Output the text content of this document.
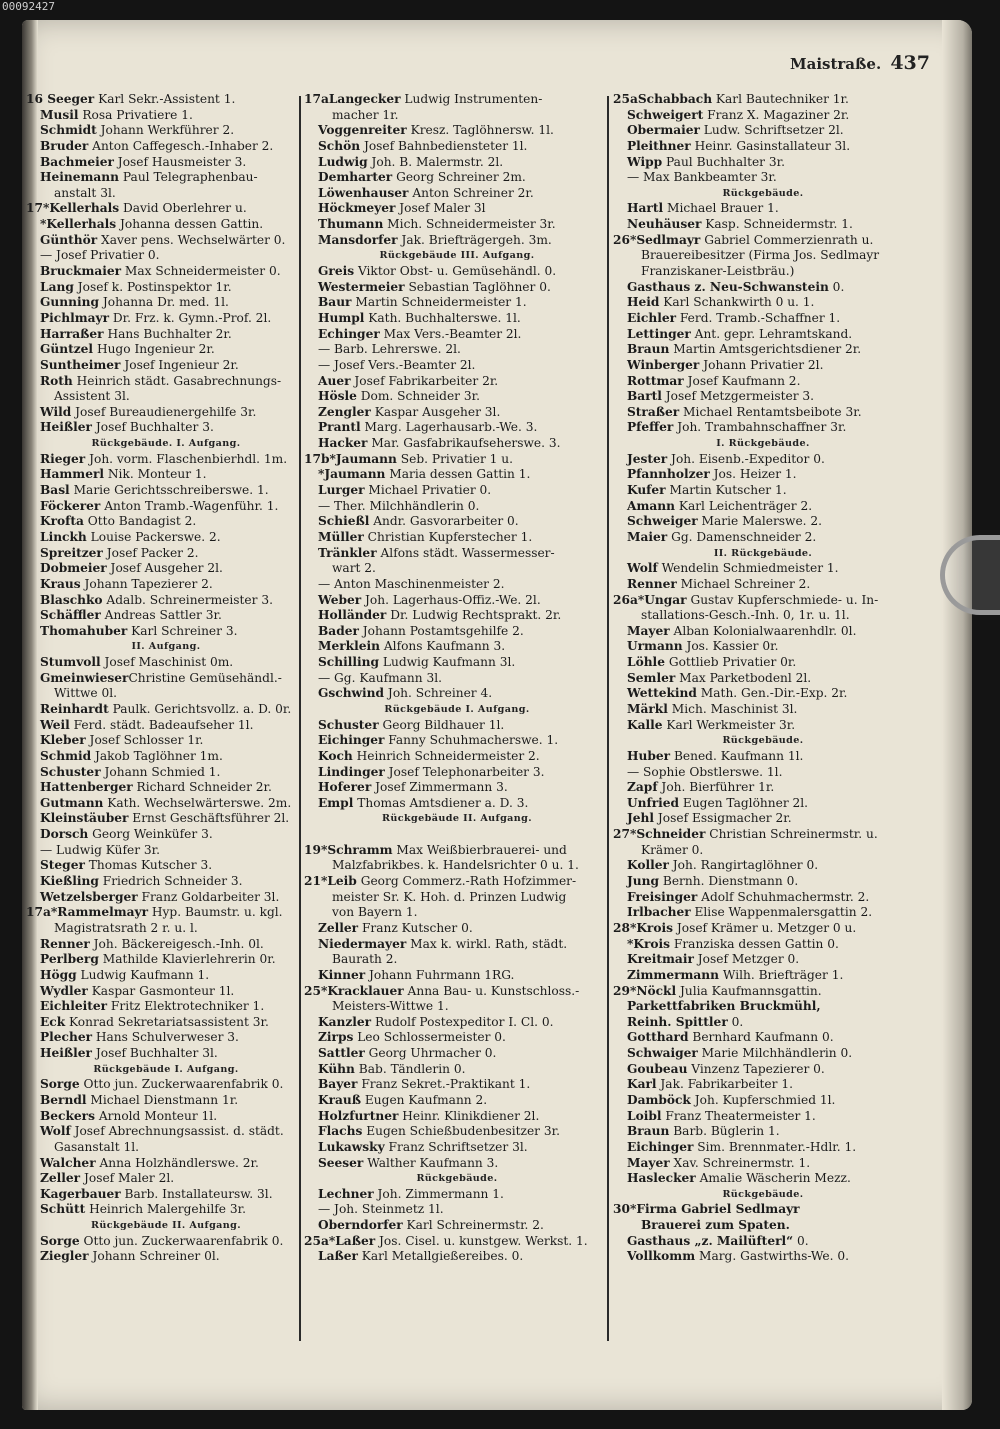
00092427
Maistraße. 437
16 Seeger Karl Sekr.-Assistent 1.
Musil Rosa Privatiere 1.
Schmidt Johann Werkführer 2.
Bruder Anton Caffegesch.-Inhaber 2.
Bachmeier Josef Hausmeister 3.
Heinemann Paul Telegraphenbau-
anstalt 3l.
17*Kellerhals David Oberlehrer u.
*Kellerhals Johanna dessen Gattin.
Günthör Xaver pens. Wechselwärter 0.
— Josef Privatier 0.
Bruckmaier Max Schneidermeister 0.
Lang Josef k. Postinspektor 1r.
Gunning Johanna Dr. med. 1l.
Pichlmayr Dr. Frz. k. Gymn.-Prof. 2l.
Harraßer Hans Buchhalter 2r.
Güntzel Hugo Ingenieur 2r.
Suntheimer Josef Ingenieur 2r.
Roth Heinrich städt. Gasabrechnungs-
Assistent 3l.
Wild Josef Bureaudienergehilfe 3r.
Heißler Josef Buchhalter 3.
Rückgebäude. I. Aufgang.
Rieger Joh. vorm. Flaschenbierhdl. 1m.
Hammerl Nik. Monteur 1.
Basl Marie Gerichtsschreiberswe. 1.
Föckerer Anton Tramb.-Wagenführ. 1.
Krofta Otto Bandagist 2.
Linckh Louise Packerswe. 2.
Spreitzer Josef Packer 2.
Dobmeier Josef Ausgeher 2l.
Kraus Johann Tapezierer 2.
Blaschko Adalb. Schreinermeister 3.
Schäffler Andreas Sattler 3r.
Thomahuber Karl Schreiner 3.
II. Aufgang.
Stumvoll Josef Maschinist 0m.
GmeinwieserChristine Gemüsehändl.-
Wittwe 0l.
Reinhardt Paulk. Gerichtsvollz. a. D. 0r.
Weil Ferd. städt. Badeaufseher 1l.
Kleber Josef Schlosser 1r.
Schmid Jakob Taglöhner 1m.
Schuster Johann Schmied 1.
Hattenberger Richard Schneider 2r.
Gutmann Kath. Wechselwärterswe. 2m.
Kleinstäuber Ernst Geschäftsführer 2l.
Dorsch Georg Weinküfer 3.
— Ludwig Küfer 3r.
Steger Thomas Kutscher 3.
Kießling Friedrich Schneider 3.
Wetzelsberger Franz Goldarbeiter 3l.
17a*Rammelmayr Hyp. Baumstr. u. kgl.
Magistratsrath 2 r. u. l.
Renner Joh. Bäckereigesch.-Inh. 0l.
Perlberg Mathilde Klavierlehrerin 0r.
Högg Ludwig Kaufmann 1.
Wydler Kaspar Gasmonteur 1l.
Eichleiter Fritz Elektrotechniker 1.
Eck Konrad Sekretariatsassistent 3r.
Plecher Hans Schulverweser 3.
Heißler Josef Buchhalter 3l.
Rückgebäude I. Aufgang.
Sorge Otto jun. Zuckerwaarenfabrik 0.
Berndl Michael Dienstmann 1r.
Beckers Arnold Monteur 1l.
Wolf Josef Abrechnungsassist. d. städt.
Gasanstalt 1l.
Walcher Anna Holzhändlerswe. 2r.
Zeller Josef Maler 2l.
Kagerbauer Barb. Installateursw. 3l.
Schütt Heinrich Malergehilfe 3r.
Rückgebäude II. Aufgang.
Sorge Otto jun. Zuckerwaarenfabrik 0.
Ziegler Johann Schreiner 0l.
17aLangecker Ludwig Instrumenten-
macher 1r.
Voggenreiter Kresz. Taglöhnersw. 1l.
Schön Josef Bahnbediensteter 1l.
Ludwig Joh. B. Malermstr. 2l.
Demharter Georg Schreiner 2m.
Löwenhauser Anton Schreiner 2r.
Höckmeyer Josef Maler 3l
Thumann Mich. Schneidermeister 3r.
Mansdorfer Jak. Briefträgergeh. 3m.
Rückgebäude III. Aufgang.
Greis Viktor Obst- u. Gemüsehändl. 0.
Westermeier Sebastian Taglöhner 0.
Baur Martin Schneidermeister 1.
Humpl Kath. Buchhalterswe. 1l.
Echinger Max Vers.-Beamter 2l.
— Barb. Lehrerswe. 2l.
— Josef Vers.-Beamter 2l.
Auer Josef Fabrikarbeiter 2r.
Hösle Dom. Schneider 3r.
Zengler Kaspar Ausgeher 3l.
Prantl Marg. Lagerhausarb.-We. 3.
Hacker Mar. Gasfabrikaufseherswe. 3.
17b*Jaumann Seb. Privatier 1 u.
*Jaumann Maria dessen Gattin 1.
Lurger Michael Privatier 0.
— Ther. Milchhändlerin 0.
Schießl Andr. Gasvorarbeiter 0.
Müller Christian Kupferstecher 1.
Tränkler Alfons städt. Wassermesser-
wart 2.
— Anton Maschinenmeister 2.
Weber Joh. Lagerhaus-Offiz.-We. 2l.
Holländer Dr. Ludwig Rechtsprakt. 2r.
Bader Johann Postamtsgehilfe 2.
Merklein Alfons Kaufmann 3.
Schilling Ludwig Kaufmann 3l.
— Gg. Kaufmann 3l.
Gschwind Joh. Schreiner 4.
Rückgebäude I. Aufgang.
Schuster Georg Bildhauer 1l.
Eichinger Fanny Schuhmacherswe. 1.
Koch Heinrich Schneidermeister 2.
Lindinger Josef Telephonarbeiter 3.
Hoferer Josef Zimmermann 3.
Empl Thomas Amtsdiener a. D. 3.
Rückgebäude II. Aufgang.
19*Schramm Max Weißbierbrauerei- und
Malzfabrikbes. k. Handelsrichter 0 u. 1.
21*Leib Georg Commerz.-Rath Hofzimmer-
meister Sr. K. Hoh. d. Prinzen Ludwig
von Bayern 1.
Zeller Franz Kutscher 0.
Niedermayer Max k. wirkl. Rath, städt.
Baurath 2.
Kinner Johann Fuhrmann 1RG.
25*Kracklauer Anna Bau- u. Kunstschloss.-
Meisters-Wittwe 1.
Kanzler Rudolf Postexpeditor I. Cl. 0.
Zirps Leo Schlossermeister 0.
Sattler Georg Uhrmacher 0.
Kühn Bab. Tändlerin 0.
Bayer Franz Sekret.-Praktikant 1.
Krauß Eugen Kaufmann 2.
Holzfurtner Heinr. Klinikdiener 2l.
Flachs Eugen Schießbudenbesitzer 3r.
Lukawsky Franz Schriftsetzer 3l.
Seeser Walther Kaufmann 3.
Rückgebäude.
Lechner Joh. Zimmermann 1.
— Joh. Steinmetz 1l.
Oberndorfer Karl Schreinermstr. 2.
25a*Laßer Jos. Cisel. u. kunstgew. Werkst. 1.
Laßer Karl Metallgießereibes. 0.
25aSchabbach Karl Bautechniker 1r.
Schweigert Franz X. Magaziner 2r.
Obermaier Ludw. Schriftsetzer 2l.
Pleithner Heinr. Gasinstallateur 3l.
Wipp Paul Buchhalter 3r.
— Max Bankbeamter 3r.
Rückgebäude.
Hartl Michael Brauer 1.
Neuhäuser Kasp. Schneidermstr. 1.
26*Sedlmayr Gabriel Commerzienrath u.
Brauereibesitzer (Firma Jos. Sedlmayr
Franziskaner-Leistbräu.)
Gasthaus z. Neu-Schwanstein 0.
Heid Karl Schankwirth 0 u. 1.
Eichler Ferd. Tramb.-Schaffner 1.
Lettinger Ant. gepr. Lehramtskand.
Braun Martin Amtsgerichtsdiener 2r.
Winberger Johann Privatier 2l.
Rottmar Josef Kaufmann 2.
Bartl Josef Metzgermeister 3.
Straßer Michael Rentamtsbeibote 3r.
Pfeffer Joh. Trambahnschaffner 3r.
I. Rückgebäude.
Jester Joh. Eisenb.-Expeditor 0.
Pfannholzer Jos. Heizer 1.
Kufer Martin Kutscher 1.
Amann Karl Leichenträger 2.
Schweiger Marie Malerswe. 2.
Maier Gg. Damenschneider 2.
II. Rückgebäude.
Wolf Wendelin Schmiedmeister 1.
Renner Michael Schreiner 2.
26a*Ungar Gustav Kupferschmiede- u. In-
stallations-Gesch.-Inh. 0, 1r. u. 1l.
Mayer Alban Kolonialwaarenhdlr. 0l.
Urmann Jos. Kassier 0r.
Löhle Gottlieb Privatier 0r.
Semler Max Parketbodenl 2l.
Wettekind Math. Gen.-Dir.-Exp. 2r.
Märkl Mich. Maschinist 3l.
Kalle Karl Werkmeister 3r.
Rückgebäude.
Huber Bened. Kaufmann 1l.
— Sophie Obstlerswe. 1l.
Zapf Joh. Bierführer 1r.
Unfried Eugen Taglöhner 2l.
Jehl Josef Essigmacher 2r.
27*Schneider Christian Schreinermstr. u.
Krämer 0.
Koller Joh. Rangirtaglöhner 0.
Jung Bernh. Dienstmann 0.
Freisinger Adolf Schuhmachermstr. 2.
Irlbacher Elise Wappenmalersgattin 2.
28*Krois Josef Krämer u. Metzger 0 u.
*Krois Franziska dessen Gattin 0.
Kreitmair Josef Metzger 0.
Zimmermann Wilh. Briefträger 1.
29*Nöckl Julia Kaufmannsgattin.
Parkettfabriken Bruckmühl,
Reinh. Spittler 0.
Gotthard Bernhard Kaufmann 0.
Schwaiger Marie Milchhändlerin 0.
Goubeau Vinzenz Tapezierer 0.
Karl Jak. Fabrikarbeiter 1.
Damböck Joh. Kupferschmied 1l.
Loibl Franz Theatermeister 1.
Braun Barb. Büglerin 1.
Eichinger Sim. Brennmater.-Hdlr. 1.
Mayer Xav. Schreinermstr. 1.
Haslecker Amalie Wäscherin Mezz.
Rückgebäude.
30*Firma Gabriel Sedlmayr
Brauerei zum Spaten.
Gasthaus „z. Mailüfterl“ 0.
Vollkomm Marg. Gastwirths-We. 0.
